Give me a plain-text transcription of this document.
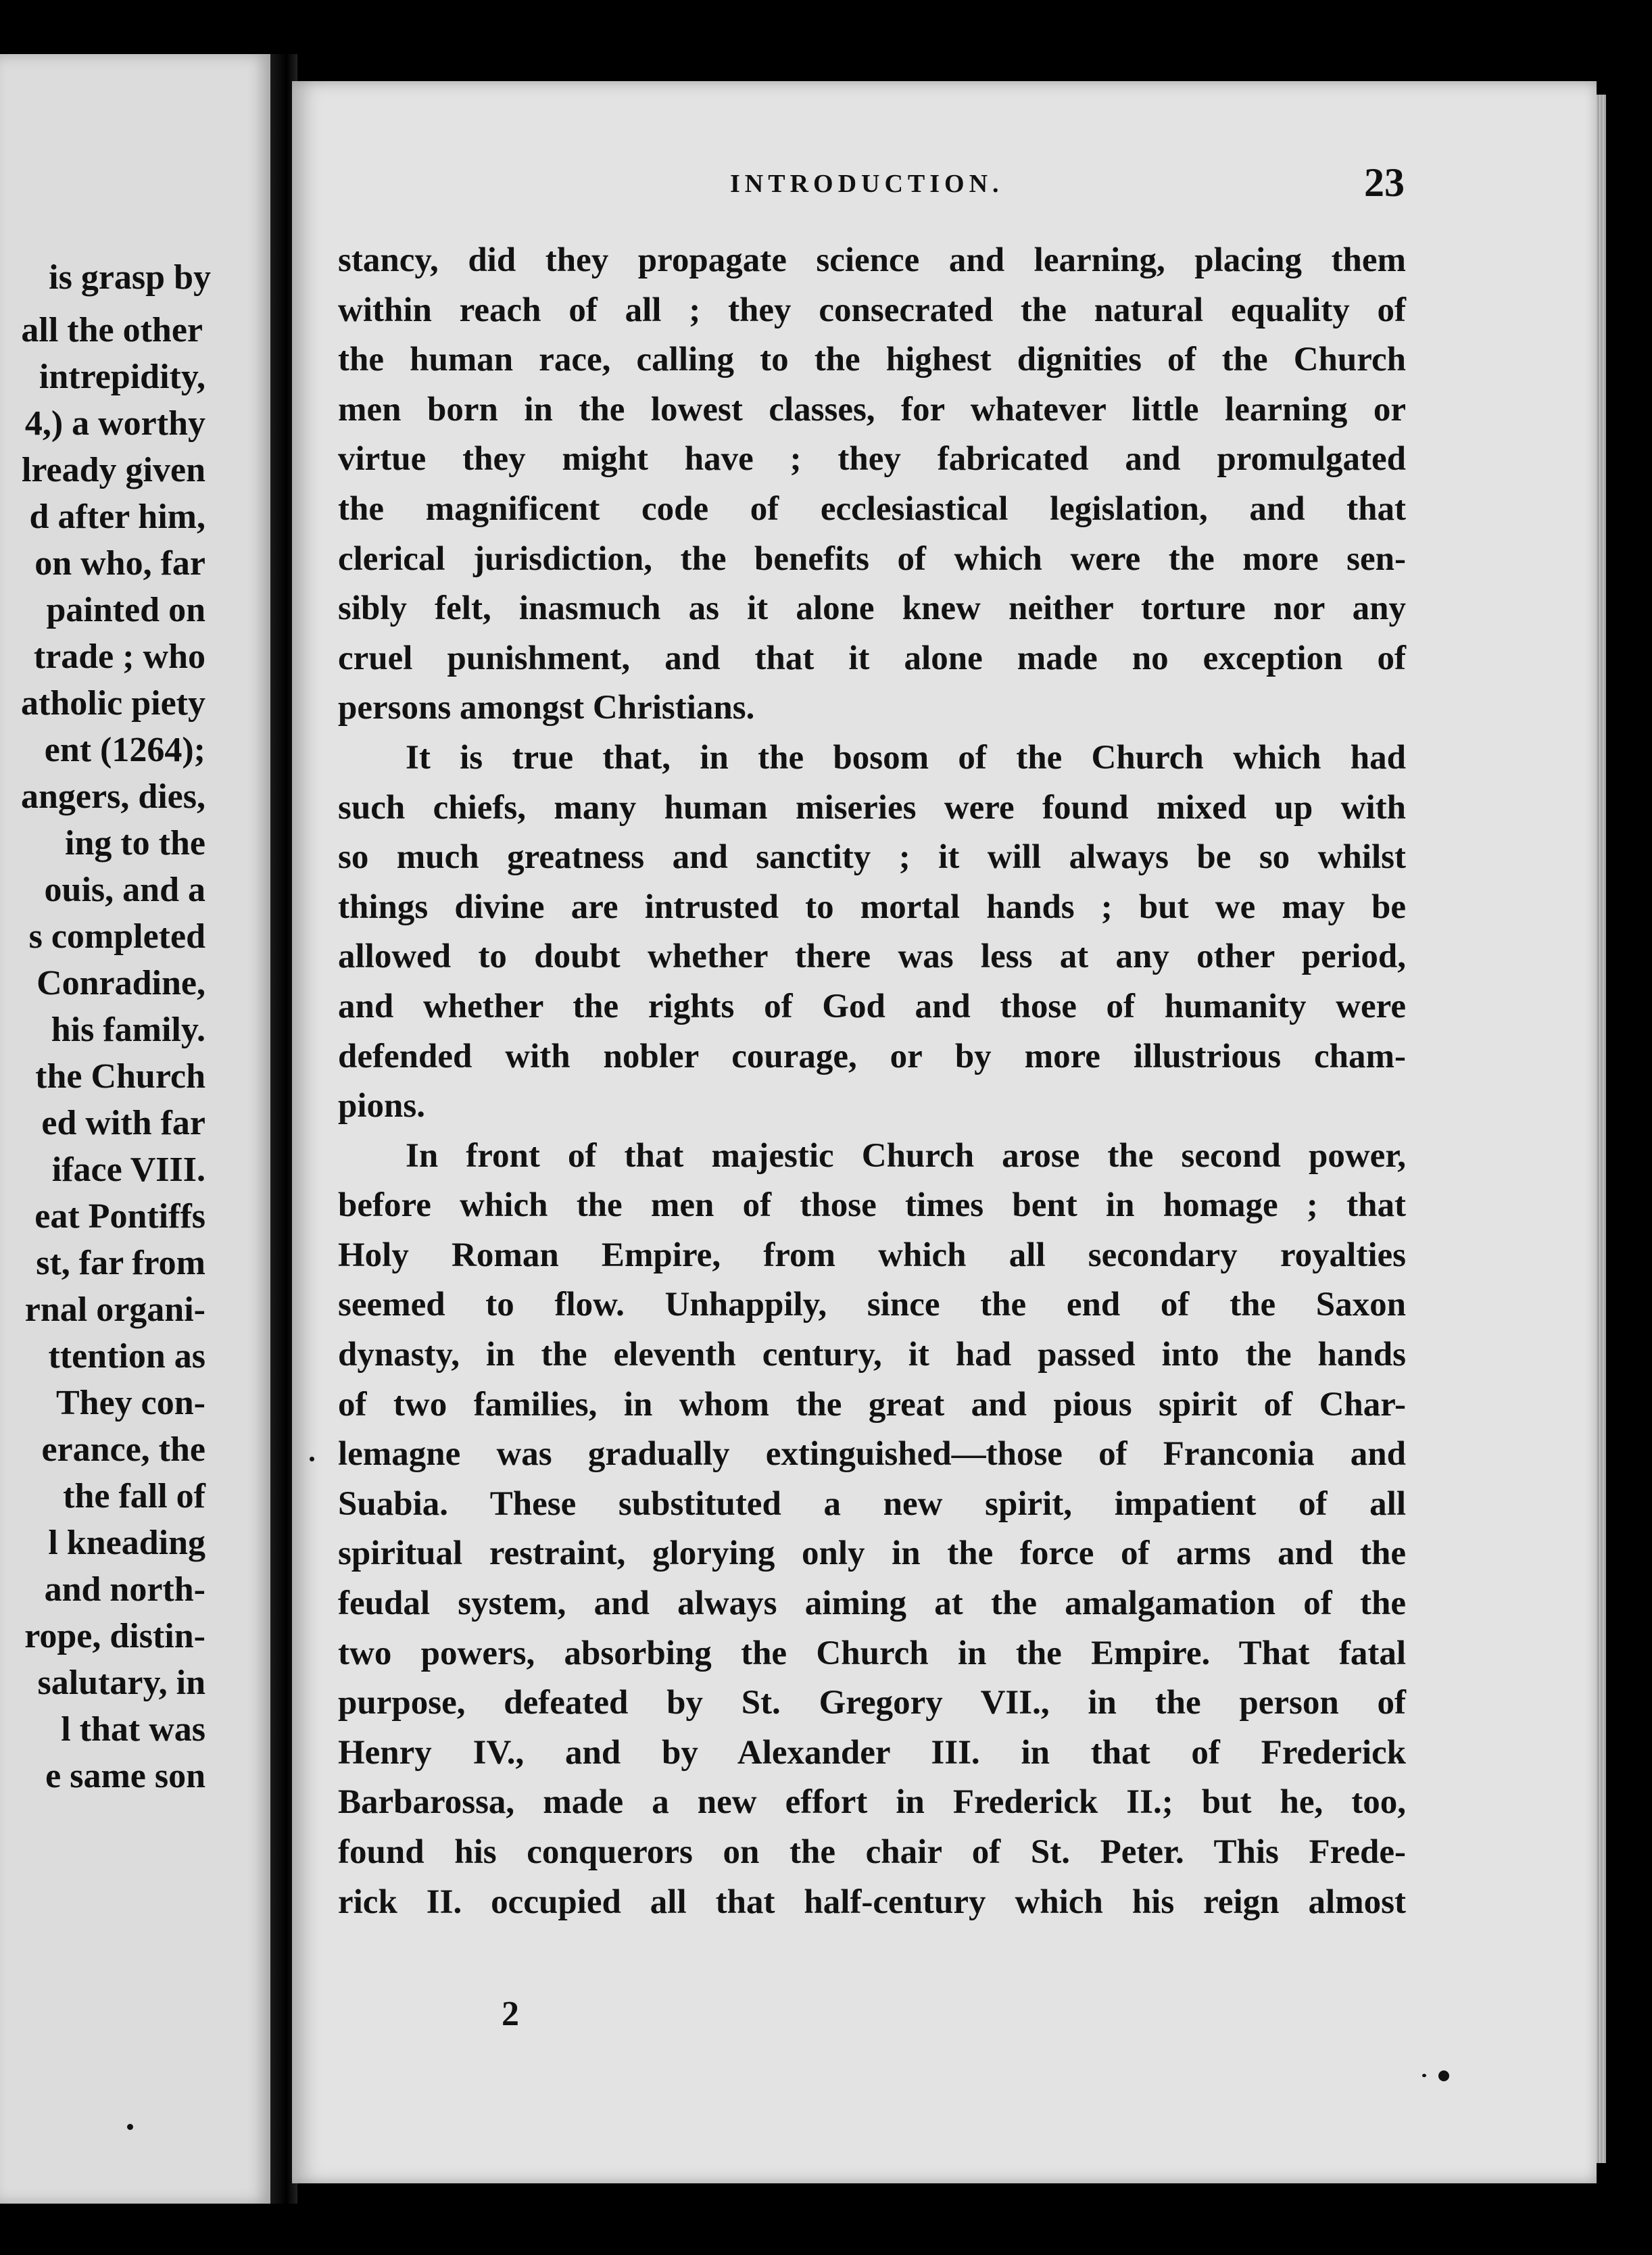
is grasp by
all the other
intrepidity,
4,) a worthy
lready given
d after him,
on who, far
painted on
trade ; who
atholic piety
ent (1264);
angers, dies,
ing to the
ouis, and a
s completed
Conradine,
his family.
the Church
ed with far
iface VIII.
eat Pontiffs
st, far from
rnal organi-
ttention as
They con-
erance, the
the fall of
l kneading
and north-
rope, distin-
salutary, in
l that was
e same son
INTRODUCTION.	23
stancy, did they propagate science and learning, placing them
within reach of all ; they consecrated the natural equality of
the human race, calling to the highest dignities of the Church
men born in the lowest classes, for whatever little learning or
virtue they might have ; they fabricated and promulgated
the magnificent code of ecclesiastical legislation, and that
clerical jurisdiction, the benefits of which were the more sen-
sibly felt, inasmuch as it alone knew neither torture nor any
cruel punishment, and that it alone made no exception of
persons amongst Christians.
It is true that, in the bosom of the Church which had
such chiefs, many human miseries were found mixed up with
so much greatness and sanctity ; it will always be so whilst
things divine are intrusted to mortal hands ; but we may be
allowed to doubt whether there was less at any other period,
and whether the rights of God and those of humanity were
defended with nobler courage, or by more illustrious cham-
pions.
In front of that majestic Church arose the second power,
before which the men of those times bent in homage ; that
Holy Roman Empire, from which all secondary royalties
seemed to flow. Unhappily, since the end of the Saxon
dynasty, in the eleventh century, it had passed into the hands
of two families, in whom the great and pious spirit of Char-
lemagne was gradually extinguished—those of Franconia and
Suabia. These substituted a new spirit, impatient of all
spiritual restraint, glorying only in the force of arms and the
feudal system, and always aiming at the amalgamation of the
two powers, absorbing the Church in the Empire. That fatal
purpose, defeated by St. Gregory VII., in the person of
Henry IV., and by Alexander III. in that of Frederick
Barbarossa, made a new effort in Frederick II.; but he, too,
found his conquerors on the chair of St. Peter. This Frede-
rick II. occupied all that half-century which his reign almost
2
